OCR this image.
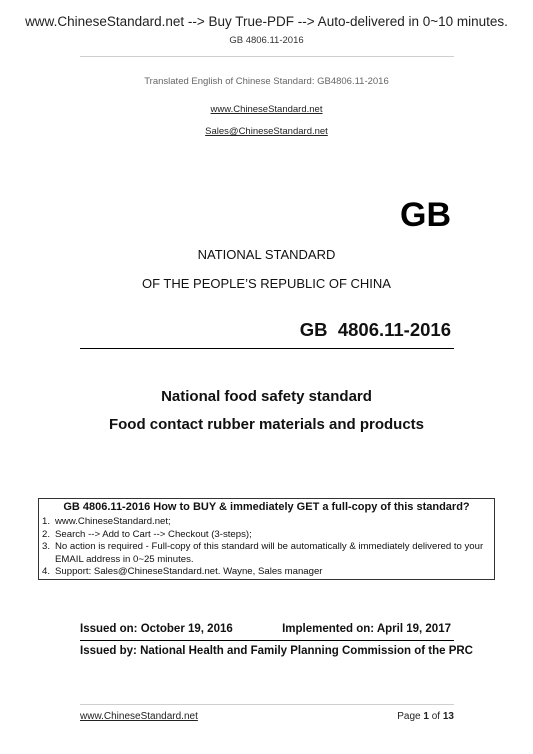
www.ChineseStandard.net --> Buy True-PDF --> Auto-delivered in 0~10 minutes.
GB 4806.11-2016
Translated English of Chinese Standard: GB4806.11-2016
www.ChineseStandard.net
Sales@ChineseStandard.net
GB
NATIONAL STANDARD
OF THE PEOPLE’S REPUBLIC OF CHINA
GB  4806.11-2016
National food safety standard
Food contact rubber materials and products
GB 4806.11-2016 How to BUY & immediately GET a full-copy of this standard?
1. www.ChineseStandard.net;
2. Search --> Add to Cart --> Checkout (3-steps);
3. No action is required - Full-copy of this standard will be automatically & immediately delivered to your EMAIL address in 0~25 minutes.
4. Support: Sales@ChineseStandard.net. Wayne, Sales manager
Issued on: October 19, 2016	Implemented on: April 19, 2017
Issued by: National Health and Family Planning Commission of the PRC
www.ChineseStandard.net	Page 1 of 13
